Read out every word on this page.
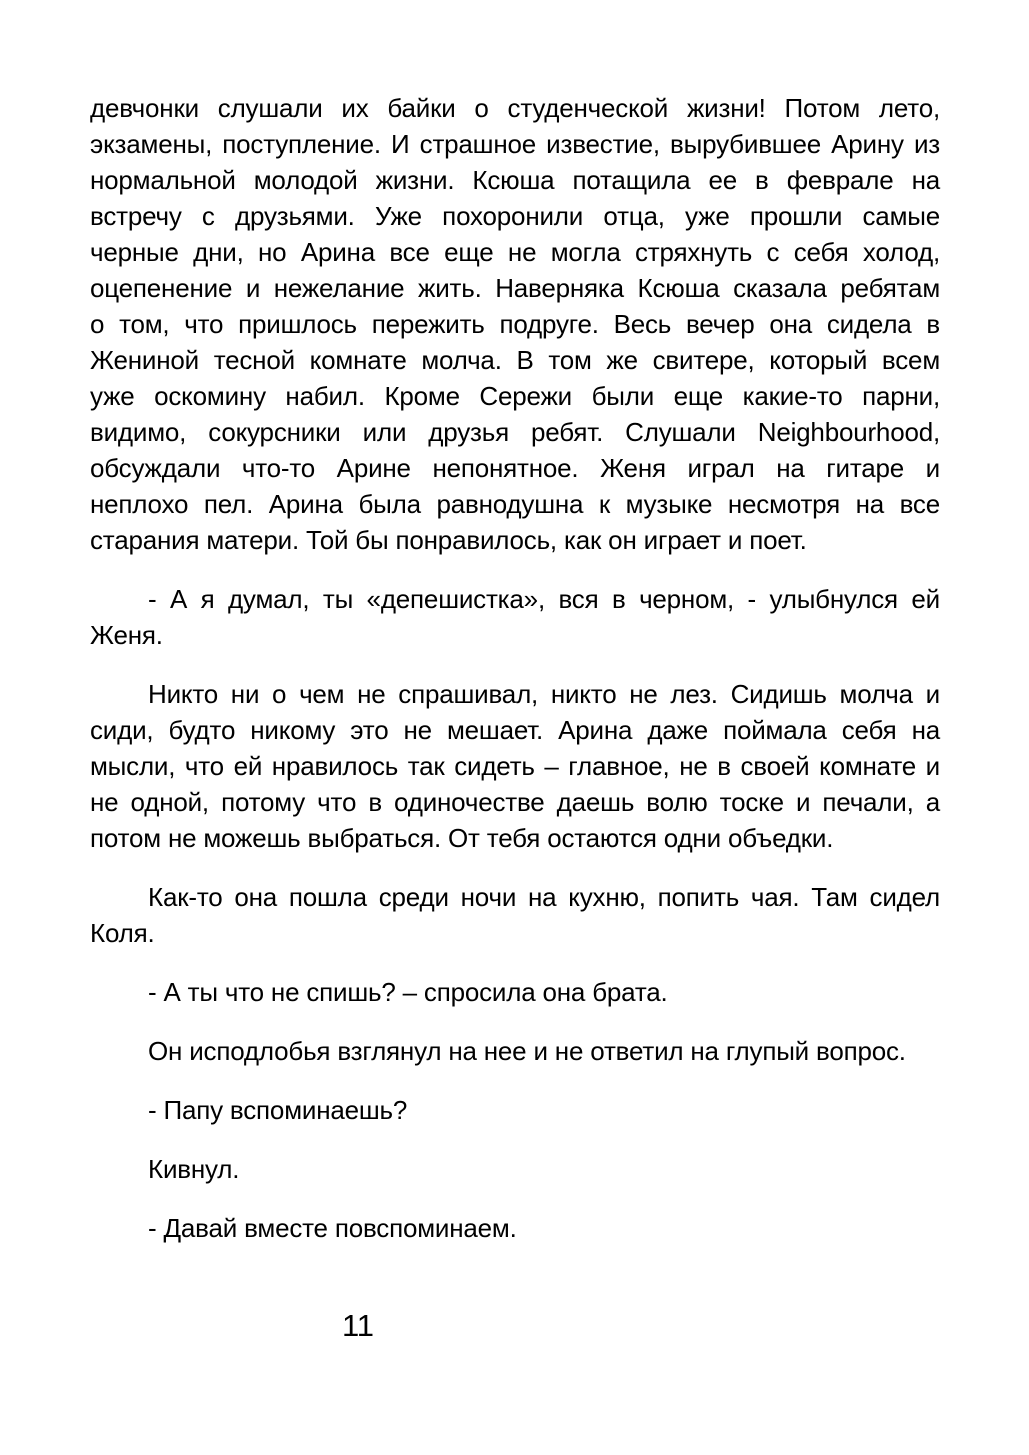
девчонки слушали их байки о студенческой жизни! Потом лето,
экзамены, поступление. И страшное известие, вырубившее Арину из
нормальной молодой жизни. Ксюша потащила ее в феврале на
встречу с друзьями. Уже похоронили отца, уже прошли самые
черные дни, но Арина все еще не могла стряхнуть с себя холод,
оцепенение и нежелание жить. Наверняка Ксюша сказала ребятам
о том, что пришлось пережить подруге. Весь вечер она сидела в
Жениной тесной комнате молча. В том же свитере, который всем
уже оскомину набил. Кроме Сережи были еще какие-то парни,
видимо, сокурсники или друзья ребят. Слушали Neighbourhood,
обсуждали что-то Арине непонятное. Женя играл на гитаре и
неплохо пел. Арина была равнодушна к музыке несмотря на все
старания матери. Той бы понравилось, как он играет и поет.
- А я думал, ты «депешистка», вся в черном, - улыбнулся ей
Женя.
Никто ни о чем не спрашивал, никто не лез. Сидишь молча и
сиди, будто никому это не мешает. Арина даже поймала себя на
мысли, что ей нравилось так сидеть – главное, не в своей комнате и
не одной, потому что в одиночестве даешь волю тоске и печали, а
потом не можешь выбраться. От тебя остаются одни объедки.
Как-то она пошла среди ночи на кухню, попить чая. Там сидел
Коля.
- А ты что не спишь? – спросила она брата.
Он исподлобья взглянул на нее и не ответил на глупый вопрос.
- Папу вспоминаешь?
Кивнул.
- Давай вместе повспоминаем.
11
